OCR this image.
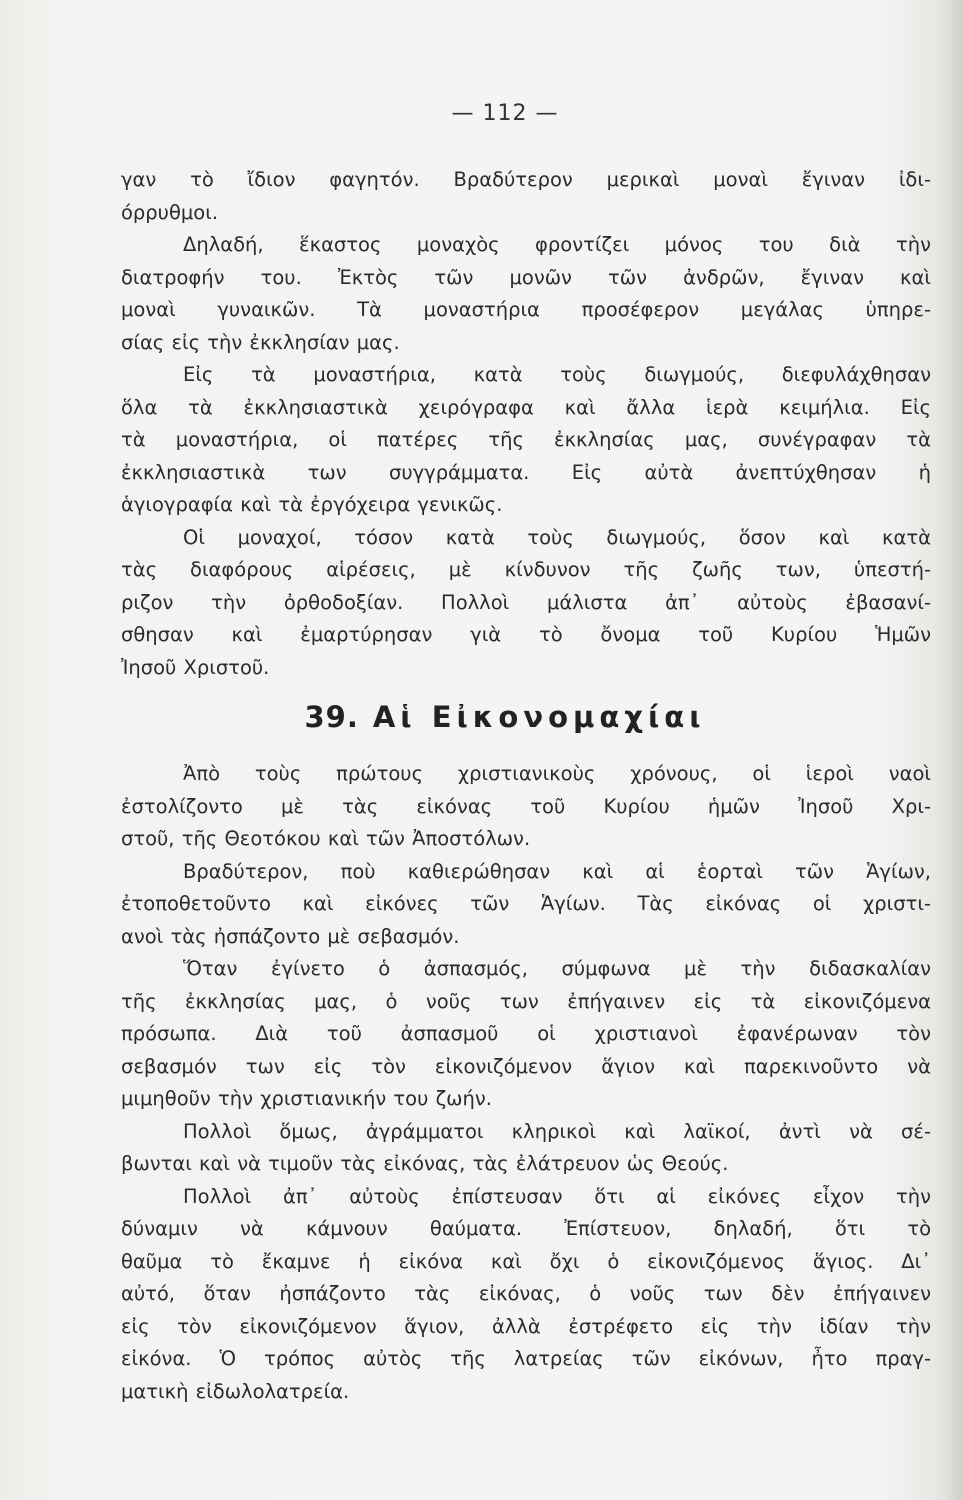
— 112 —
γαν τὸ ἴδιον φαγητόν. Βραδύτερον μερικαὶ μοναὶ ἔγιναν ἰδι-
όρρυθμοι.
Δηλαδή, ἕκαστος μοναχὸς φροντίζει μόνος του διὰ τὴν
διατροφήν του. Ἐκτὸς τῶν μονῶν τῶν ἀνδρῶν, ἔγιναν καὶ
μοναὶ γυναικῶν. Τὰ μοναστήρια προσέφερον μεγάλας ὑπηρε-
σίας εἰς τὴν ἐκκλησίαν μας.
Εἰς τὰ μοναστήρια, κατὰ τοὺς διωγμούς, διεφυλάχθησαν
ὅλα τὰ ἐκκλησιαστικὰ χειρόγραφα καὶ ἄλλα ἱερὰ κειμήλια. Εἰς
τὰ μοναστήρια, οἱ πατέρες τῆς ἐκκλησίας μας, συνέγραφαν τὰ
ἐκκλησιαστικὰ των συγγράμματα. Εἰς αὐτὰ ἀνεπτύχθησαν ἡ
ἁγιογραφία καὶ τὰ ἐργόχειρα γενικῶς.
Οἱ μοναχοί, τόσον κατὰ τοὺς διωγμούς, ὅσον καὶ κατὰ
τὰς διαφόρους αἱρέσεις, μὲ κίνδυνον τῆς ζωῆς των, ὑπεστή-
ριζον τὴν ὀρθοδοξίαν. Πολλοὶ μάλιστα ἀπ᾽ αὐτοὺς ἐβασανί-
σθησαν καὶ ἐμαρτύρησαν γιὰ τὸ ὄνομα τοῦ Κυρίου Ἡμῶν
Ἰησοῦ Χριστοῦ.
39. Αἱ Εἰκονομαχίαι
Ἀπὸ τοὺς πρώτους χριστιανικοὺς χρόνους, οἱ ἱεροὶ ναοὶ
ἐστολίζοντο μὲ τὰς εἰκόνας τοῦ Κυρίου ἡμῶν Ἰησοῦ Χρι-
στοῦ, τῆς Θεοτόκου καὶ τῶν Ἀποστόλων.
Βραδύτερον, ποὺ καθιερώθησαν καὶ αἱ ἑορταὶ τῶν Ἁγίων,
ἐτοποθετοῦντο καὶ εἰκόνες τῶν Ἁγίων. Τὰς εἰκόνας οἱ χριστι-
ανοὶ τὰς ἠσπάζοντο μὲ σεβασμόν.
Ὅταν ἐγίνετο ὁ ἀσπασμός, σύμφωνα μὲ τὴν διδασκαλίαν
τῆς ἐκκλησίας μας, ὁ νοῦς των ἐπήγαινεν εἰς τὰ εἰκονιζόμενα
πρόσωπα. Διὰ τοῦ ἀσπασμοῦ οἱ χριστιανοὶ ἐφανέρωναν τὸν
σεβασμόν των εἰς τὸν εἰκονιζόμενον ἅγιον καὶ παρεκινοῦντο νὰ
μιμηθοῦν τὴν χριστιανικήν του ζωήν.
Πολλοὶ ὅμως, ἀγράμματοι κληρικοὶ καὶ λαϊκοί, ἀντὶ νὰ σέ-
βωνται καὶ νὰ τιμοῦν τὰς εἰκόνας, τὰς ἐλάτρευον ὡς Θεούς.
Πολλοὶ ἀπ᾽ αὐτοὺς ἐπίστευσαν ὅτι αἱ εἰκόνες εἶχον τὴν
δύναμιν νὰ κάμνουν θαύματα. Ἐπίστευον, δηλαδή, ὅτι τὸ
θαῦμα τὸ ἔκαμνε ἡ εἰκόνα καὶ ὄχι ὁ εἰκονιζόμενος ἅγιος. Δι᾽
αὐτό, ὅταν ἠσπάζοντο τὰς εἰκόνας, ὁ νοῦς των δὲν ἐπήγαινεν
εἰς τὸν εἰκονιζόμενον ἅγιον, ἀλλὰ ἐστρέφετο εἰς τὴν ἰδίαν τὴν
εἰκόνα. Ὁ τρόπος αὐτὸς τῆς λατρείας τῶν εἰκόνων, ἦτο πραγ-
ματικὴ εἰδωλολατρεία.
